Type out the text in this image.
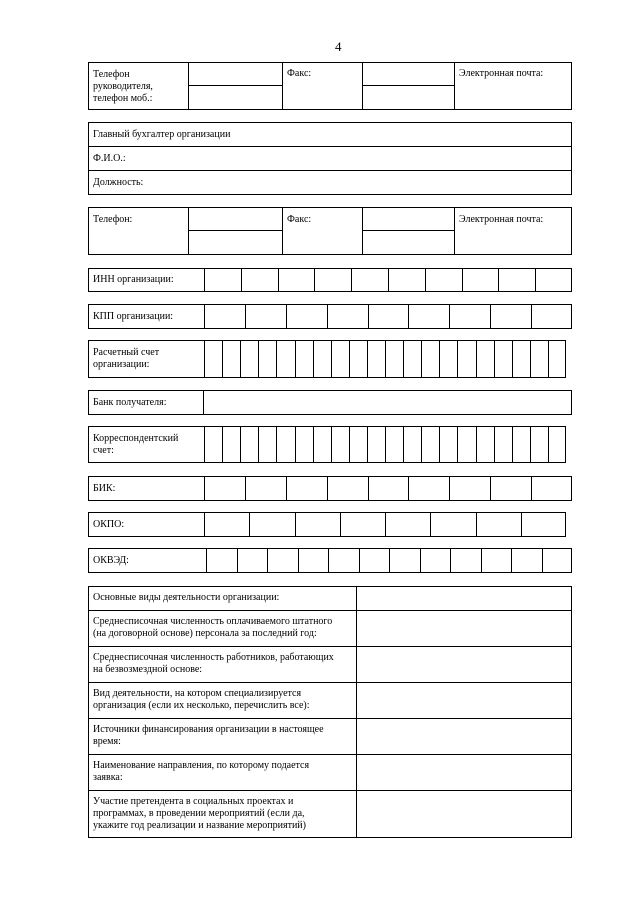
4
Телефон
руководителя,
телефон моб.:
Факс:	Электронная почта:
Главный бухгалтер организации
Ф.И.О.:
Должность:
Телефон:	Факс:	Электронная почта:
ИНН организации:
КПП организации:
Расчетный счет
организации:
Банк получателя:
Корреспондентский
счет:
БИК:
ОКПО:
ОКВЭД:
Основные виды деятельности организации:
Среднесписочная численность оплачиваемого штатного
(на договорной основе) персонала за последний год:
Среднесписочная численность работников, работающих
на безвозмездной основе:
Вид деятельности, на котором специализируется
организация (если их несколько, перечислить все):
Источники финансирования организации в настоящее
время:
Наименование направления, по которому подается
заявка:
Участие претендента в социальных проектах и
программах, в проведении мероприятий (если да,
укажите год реализации и название мероприятий)
